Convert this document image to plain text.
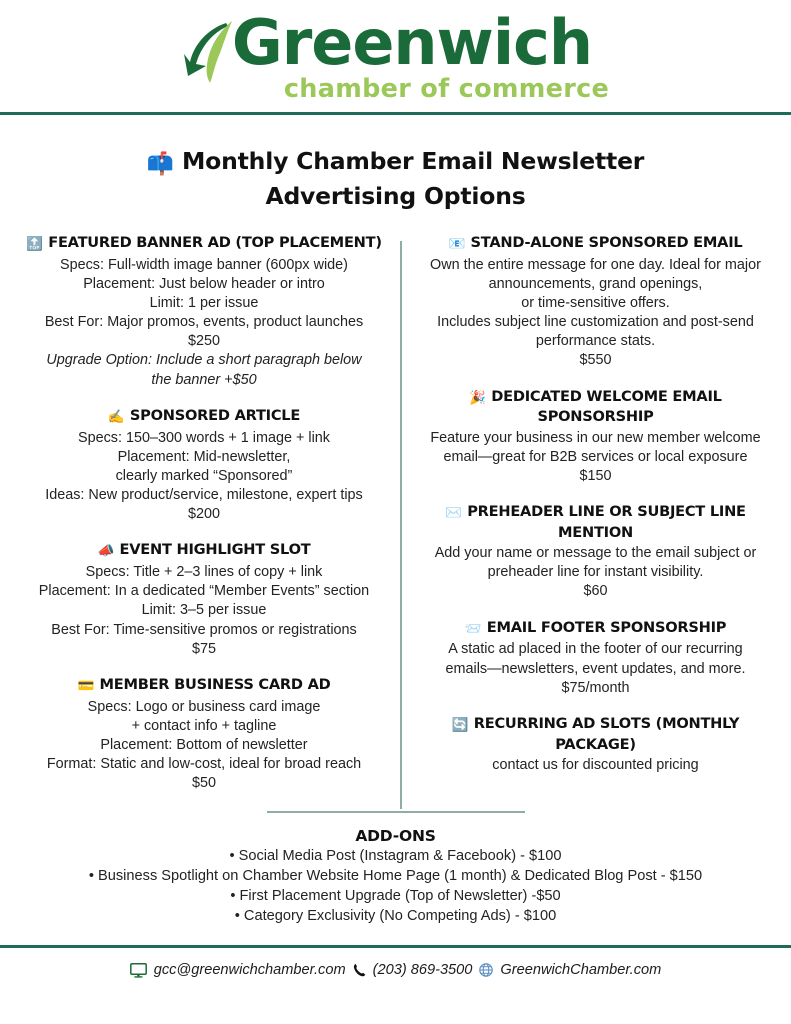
Greenwich
chamber of commerce
📫 Monthly Chamber Email Newsletter
Advertising Options
🔝 FEATURED BANNER AD (TOP PLACEMENT)
Specs: Full-width image banner (600px wide)
Placement: Just below header or intro
Limit: 1 per issue
Best For: Major promos, events, product launches
$250
Upgrade Option: Include a short paragraph below
the banner +$50
✍️ SPONSORED ARTICLE
Specs: 150–300 words + 1 image + link
Placement: Mid-newsletter,
clearly marked “Sponsored”
Ideas: New product/service, milestone, expert tips
$200
📣 EVENT HIGHLIGHT SLOT
Specs: Title + 2–3 lines of copy + link
Placement: In a dedicated “Member Events” section
Limit: 3–5 per issue
Best For: Time-sensitive promos or registrations
$75
💳 MEMBER BUSINESS CARD AD
Specs: Logo or business card image
+ contact info + tagline
Placement: Bottom of newsletter
Format: Static and low-cost, ideal for broad reach
$50
📧 STAND-ALONE SPONSORED EMAIL
Own the entire message for one day. Ideal for major
announcements, grand openings,
or time-sensitive offers.
Includes subject line customization and post-send
performance stats.
$550
🎉 DEDICATED WELCOME EMAIL SPONSORSHIP
Feature your business in our new member welcome
email—great for B2B services or local exposure
$150
✉️ PREHEADER LINE OR SUBJECT LINE MENTION
Add your name or message to the email subject or
preheader line for instant visibility.
$60
📨 EMAIL FOOTER SPONSORSHIP
A static ad placed in the footer of our recurring
emails—newsletters, event updates, and more.
$75/month
🔄 RECURRING AD SLOTS (MONTHLY PACKAGE)
contact us for discounted pricing
ADD-ONS
• Social Media Post (Instagram & Facebook) - $100
• Business Spotlight on Chamber Website Home Page (1 month) & Dedicated Blog Post - $150
• First Placement Upgrade (Top of Newsletter) -$50
• Category Exclusivity (No Competing Ads) - $100
gcc@greenwichchamber.com (203) 869-3500 GreenwichChamber.com
